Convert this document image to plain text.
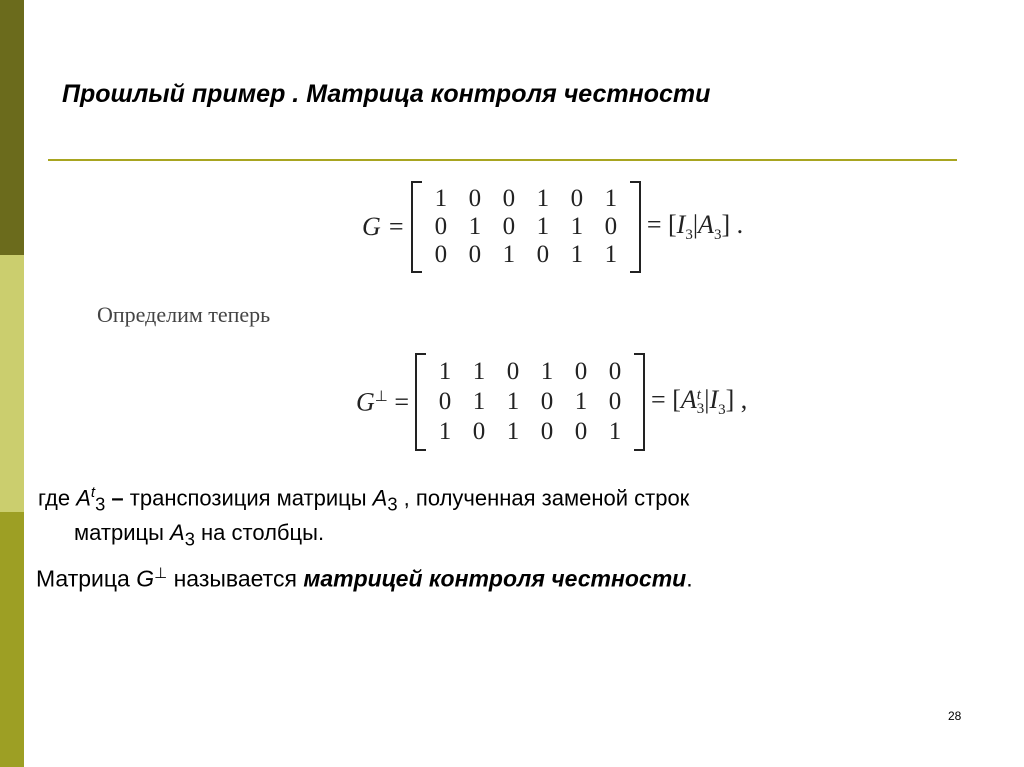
Прошлый пример . Матрица контроля честности
G =
1 0 0 1 0 1
0 1 0 1 1 0
0 0 1 0 1 1
= $[I_3|A_3]$ .
Определим теперь
G⊥ =
1 1 0 1 0 0
0 1 1 0 1 0
1 0 1 0 0 1
= [A t
3 $|I_3$] ,
где $A^t_3$ – транспозиция матрицы $A_3$ , полученная заменой строк
матрицы $A_3$ на столбцы.
Матрица G⊥ называется матрицей контроля честности.
28
